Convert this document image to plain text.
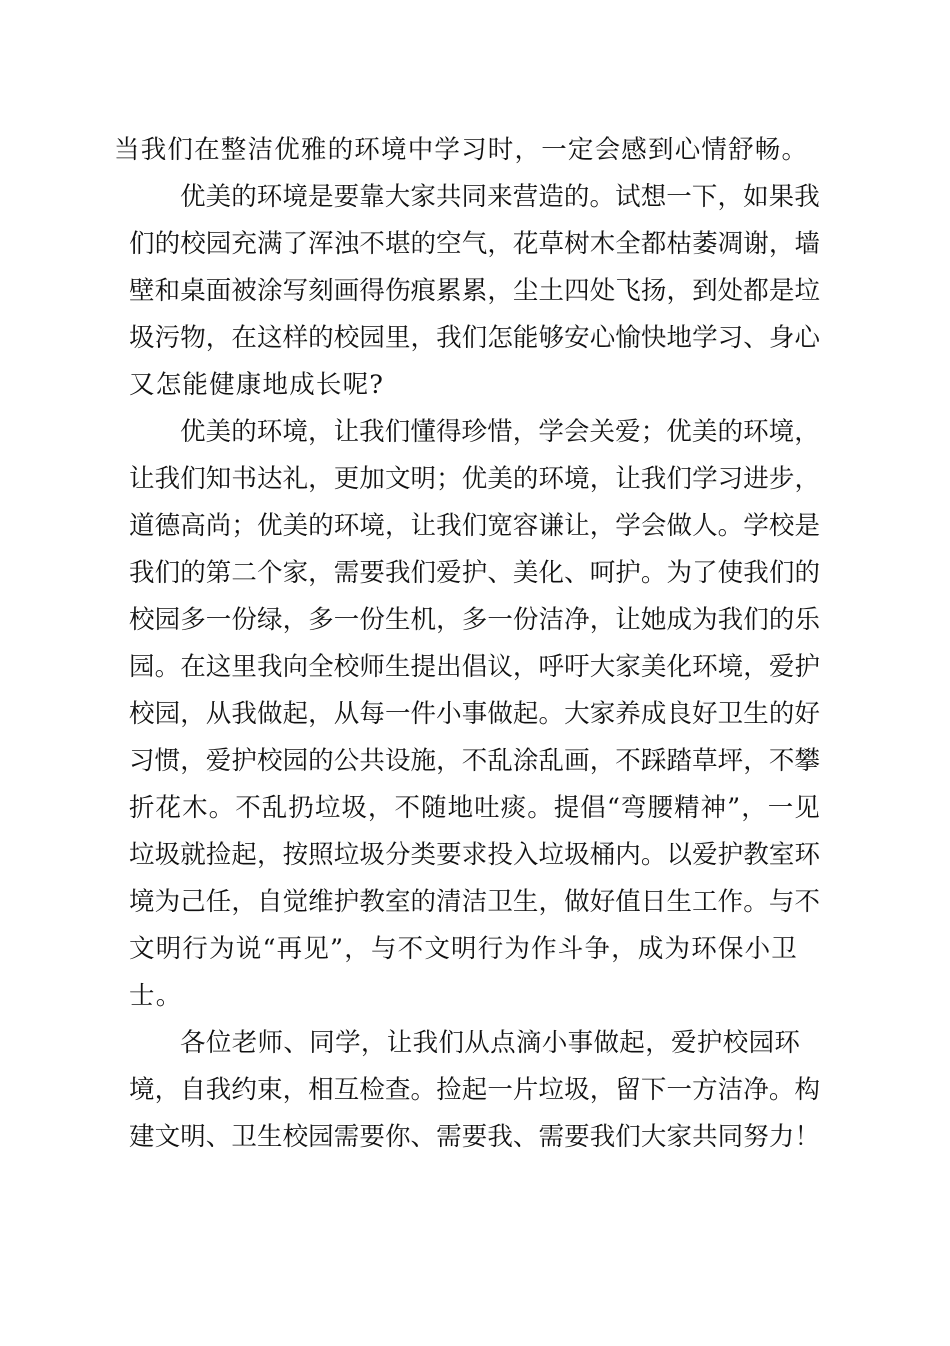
当我们在整洁优雅的环境中学习时，一定会感到心情舒畅。
优 美 的 环 境 是 要 靠 大 家 共 同 来 营 造 的 。 试 想 一 下 ， 如 果 我
们 的 校 园 充 满 了 浑 浊 不 堪 的 空 气 ， 花 草 树 木 全 都 枯 萎 凋 谢 ， 墙
壁 和 桌 面 被 涂 写 刻 画 得 伤 痕 累 累 ， 尘 土 四 处 飞 扬 ， 到 处 都 是 垃
圾 污 物 ， 在 这 样 的 校 园 里 ， 我 们 怎 能 够 安 心 愉 快 地 学 习 、 身 心
又怎能健康地成长呢?
优 美 的 环 境 ， 让 我 们 懂 得 珍 惜 ， 学 会 关 爱 ； 优 美 的 环 境 ，
让 我 们 知 书 达 礼 ， 更 加 文 明 ； 优 美 的 环 境 ， 让 我 们 学 习 进 步 ，
道 德 高 尚 ； 优 美 的 环 境 ， 让 我 们 宽 容 谦 让 ， 学 会 做 人 。 学 校 是
我 们 的 第 二 个 家 ， 需 要 我 们 爱 护 、 美 化 、 呵 护 。 为 了 使 我 们 的
校 园 多 一 份 绿 ， 多 一 份 生 机 ， 多 一 份 洁 净 ， 让 她 成 为 我 们 的 乐
园 。 在 这 里 我 向 全 校 师 生 提 出 倡 议 ， 呼 吁 大 家 美 化 环 境 ， 爱 护
校 园 ， 从 我 做 起 ， 从 每 一 件 小 事 做 起 。 大 家 养 成 良 好 卫 生 的 好
习 惯 ， 爱 护 校 园 的 公 共 设 施 ， 不 乱 涂 乱 画 ， 不 踩 踏 草 坪 ， 不 攀
折 花 木 。 不 乱 扔 垃 圾 ， 不 随 地 吐 痰 。 提 倡 “ 弯 腰 精 神 ” ， 一 见
垃 圾 就 捡 起 ， 按 照 垃 圾 分 类 要 求 投 入 垃 圾 桶 内 。 以 爱 护 教 室 环
境 为 己 任 ， 自 觉 维 护 教 室 的 清 洁 卫 生 ， 做 好 值 日 生 工 作 。 与 不
文 明 行 为 说 “ 再 见 ” ， 与 不 文 明 行 为 作 斗 争 ， 成 为 环 保 小 卫
士。
各 位 老 师 、 同 学 ， 让 我 们 从 点 滴 小 事 做 起 ， 爱 护 校 园 环
境 ， 自 我 约 束 ， 相 互 检 查 。 捡 起 一 片 垃 圾 ， 留 下 一 方 洁 净 。 构
建 文 明 、 卫 生 校 园 需 要 你 、 需 要 我 、 需 要 我 们 大 家 共 同 努 力 ！
